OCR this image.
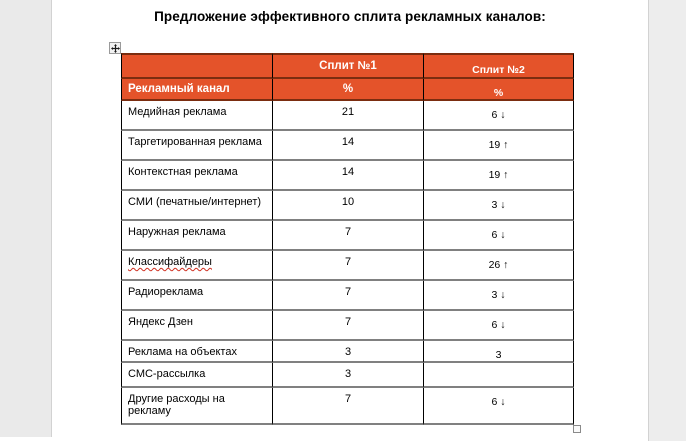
Предложение эффективного сплита рекламных каналов:
	Сплит №1	Сплит №2
Рекламный канал	%	%
Медийная реклама	21	6 ↓
Таргетированная реклама	14	19 ↑
Контекстная реклама	14	19 ↑
СМИ (печатные/интернет)	10	3 ↓
Наружная реклама	7	6 ↓
Классифайдеры	7	26 ↑
Радиореклама	7	3 ↓
Яндекс Дзен	7	6 ↓
Реклама на объектах	3	3
СМС-рассылка	3	
Другие расходы на рекламу	7	6 ↓
